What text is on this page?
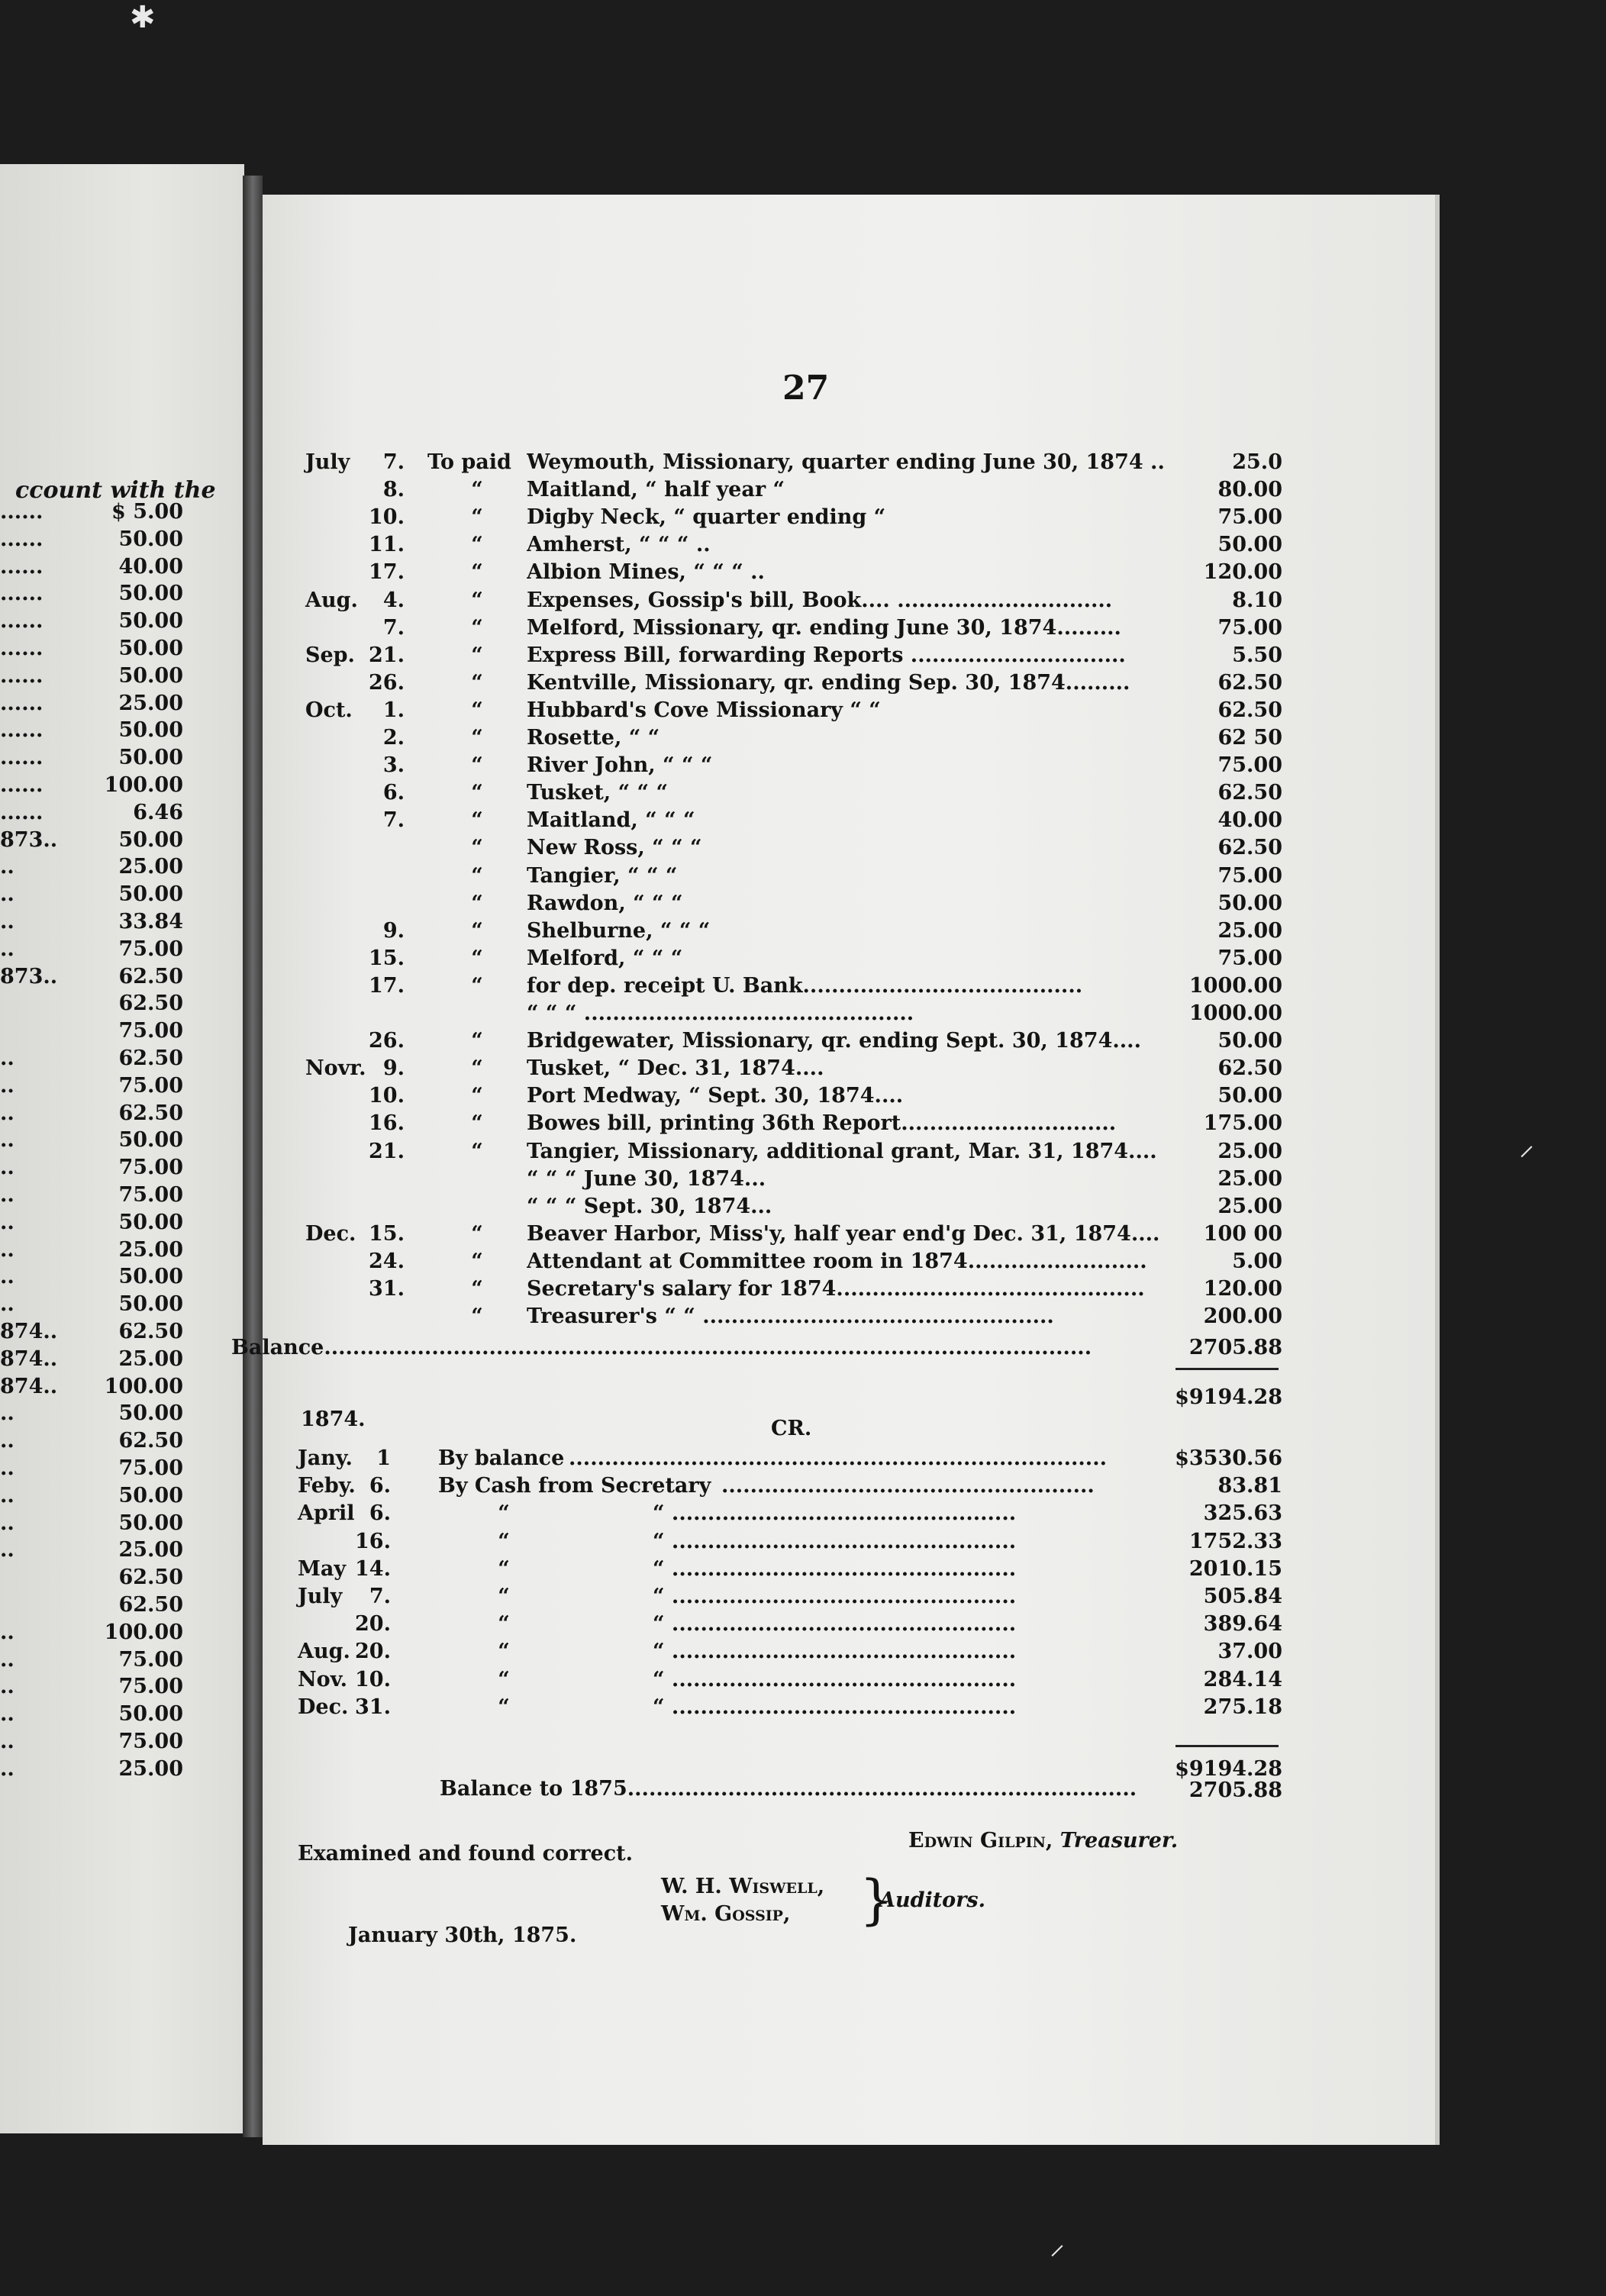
ccount with the
......	$ 5.00
......	50.00
......	40.00
......	50.00
......	50.00
......	50.00
......	50.00
......	25.00
......	50.00
......	50.00
......	100.00
......	6.46
873..	50.00
..	25.00
..	50.00
..	33.84
..	75.00
873..	62.50
62.50
75.00
..	62.50
..	75.00
..	62.50
..	50.00
..	75.00
..	75.00
..	50.00
..	25.00
..	50.00
..	50.00
874..	62.50
874..	25.00
874.. 100.00
..	50.00
..	62.50
..	75.00
..	50.00
..	50.00
..	25.00
62.50
62.50
..	100.00
..	75.00
..	75.00
..	50.00
..	75.00
..	25.00
27
July	7. To paid Weymouth, Missionary, quarter ending June 30, 1874 ..	25.0
8.	“	Maitland, “ half year “	80.00
10.	“	Digby Neck, “ quarter ending “	75.00
11.	“	Amherst, “ “ “ ..	50.00
17.	“	Albion Mines, “ “ “ ..	120.00
Aug.	4.	“	Expenses, Gossip's bill, Book.... ..............................	8.10
7.	“	Melford, Missionary, qr. ending June 30, 1874.........	75.00
Sep. 21.	“	Express Bill, forwarding Reports ..............................	5.50
26.	“	Kentville, Missionary, qr. ending Sep. 30, 1874.........	62.50
Oct.	1.	“	Hubbard's Cove Missionary “ “	62.50
2.	“	Rosette, “ “	62 50
3.	“	River John, “ “ “	75.00
6.	“	Tusket, “ “ “	62.50
7.	“	Maitland, “ “ “	40.00
“	New Ross, “ “ “	62.50
“	Tangier, “ “ “	75.00
“	Rawdon, “ “ “	50.00
9.	“	Shelburne, “ “ “	25.00
15.	“	Melford, “ “ “	75.00
17.	“	for dep. receipt U. Bank.......................................	1000.00
“ “ “ ..............................................	1000.00
26.	“	Bridgewater, Missionary, qr. ending Sept. 30, 1874....	50.00
Novr. 9.	“	Tusket, “ Dec. 31, 1874....	62.50
10.	“	Port Medway, “ Sept. 30, 1874....	50.00
16.	“	Bowes bill, printing 36th Report..............................	175.00
21.	“	Tangier, Missionary, additional grant, Mar. 31, 1874....	25.00
“ “ “ June 30, 1874...	25.00
“ “ “ Sept. 30, 1874...	25.00
Dec. 15.	“	Beaver Harbor, Miss'y, half year end'g Dec. 31, 1874....	100 00
24.	“	Attendant at Committee room in 1874.........................	5.00
31.	“	Secretary's salary for 1874...........................................	120.00
“	Treasurer's “ “ .................................................	200.00
Balance...........................................................................................................	2705.88
$9194.28
1874.	CR.
Jany.	1 By balance ...........................................................................	$3530.56
Feby. 6. By Cash from Secretary ....................................................	83.81
April 6.	“	“ ................................................	325.63
16.	“	“ ................................................	1752.33
May 14.	“	“ ................................................	2010.15
July	7.	“	“ ................................................	505.84
20.	“	“ ................................................	389.64
Aug. 20.	“	“ ................................................	37.00
Nov. 10.	“	“ ................................................	284.14
Dec. 31.	“	“ ................................................	275.18
$9194.28
Balance to 1875.......................................................................	2705.88
Edwin Gilpin, Treasurer.
Examined and found correct.
W. H. Wiswell,
Wm. Gossip, }
Auditors.
January 30th, 1875.
✱
⸝
⸝
